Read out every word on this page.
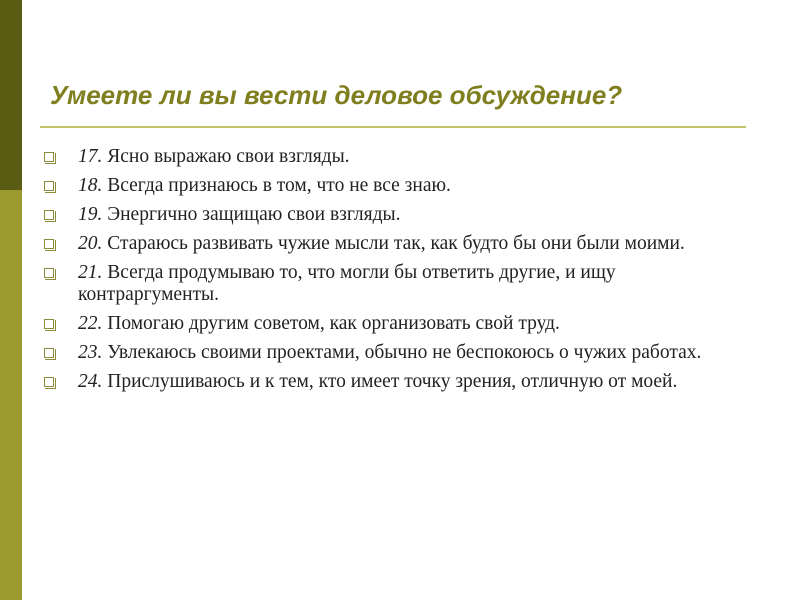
Умеете ли вы вести деловое обсуждение?
17. Ясно выражаю свои взгляды.
18. Всегда признаюсь в том, что не все знаю.
19. Энергично защищаю свои взгляды.
20. Стараюсь развивать чужие мысли так, как будто бы они были моими.
21. Всегда продумываю то, что могли бы ответить другие, и ищу контраргументы.
22. Помогаю другим советом, как организовать свой труд.
23. Увлекаюсь своими проектами, обычно не беспокоюсь о чужих работах.
24. Прислушиваюсь и к тем, кто имеет точку зрения, отличную от моей.
